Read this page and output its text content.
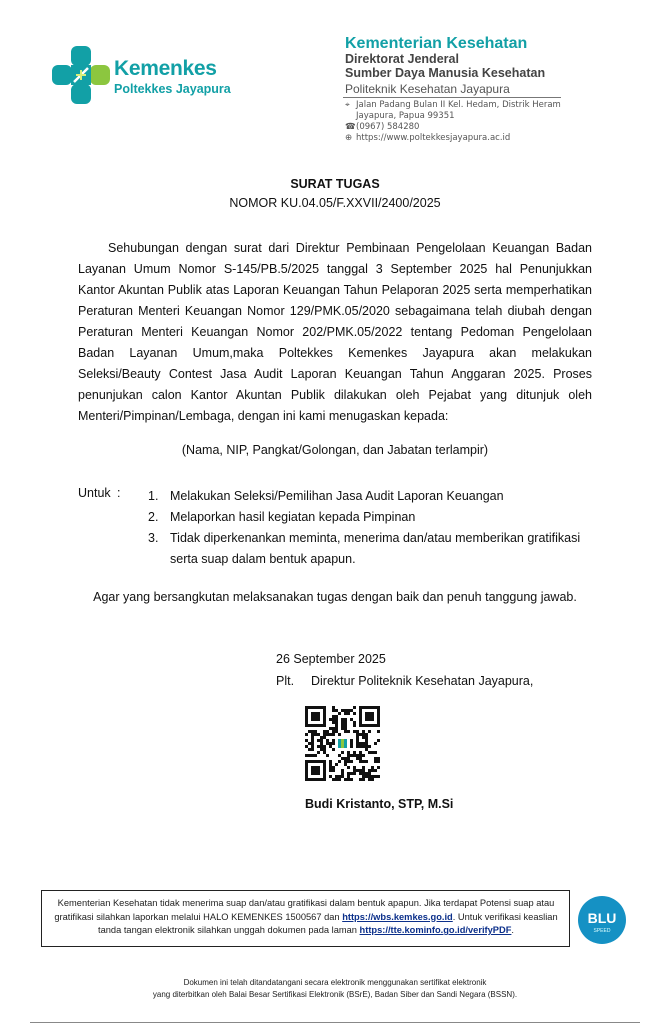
Kemenkes
Poltekkes Jayapura
Kementerian Kesehatan
Direktorat Jenderal
Sumber Daya Manusia Kesehatan
Politeknik Kesehatan Jayapura
⌖ Jalan Padang Bulan II Kel. Hedam, Distrik Heram
Jayapura, Papua 99351
☎(0967) 584280
⊕ https://www.poltekkesjayapura.ac.id
SURAT TUGAS
NOMOR KU.04.05/F.XXVII/2400/2025
Sehubungan dengan surat dari Direktur Pembinaan Pengelolaan Keuangan Badan Layanan Umum Nomor S-145/PB.5/2025 tanggal 3 September 2025 hal Penunjukkan Kantor Akuntan Publik atas Laporan Keuangan Tahun Pelaporan 2025 serta memperhatikan Peraturan Menteri Keuangan Nomor 129/PMK.05/2020 sebagaimana telah diubah dengan Peraturan Menteri Keuangan Nomor 202/PMK.05/2022 tentang Pedoman Pengelolaan Badan Layanan Umum,maka Poltekkes Kemenkes Jayapura akan melakukan Seleksi/Beauty Contest Jasa Audit Laporan Keuangan Tahun Anggaran 2025. Proses penunjukan calon Kantor Akuntan Publik dilakukan oleh Pejabat yang ditunjuk oleh Menteri/Pimpinan/Lembaga, dengan ini kami menugaskan kepada:
(Nama, NIP, Pangkat/Golongan, dan Jabatan terlampir)
Untuk : 1. Melakukan Seleksi/Pemilihan Jasa Audit Laporan Keuangan
2. Melaporkan hasil kegiatan kepada Pimpinan
3. Tidak diperkenankan meminta, menerima dan/atau memberikan gratifikasi serta suap dalam bentuk apapun.
Agar yang bersangkutan melaksanakan tugas dengan baik dan penuh tanggung jawab.
26 September 2025
Plt. Direktur Politeknik Kesehatan Jayapura,
Budi Kristanto, STP, M.Si
Kementerian Kesehatan tidak menerima suap dan/atau gratifikasi dalam bentuk apapun. Jika terdapat Potensi suap atau gratifikasi silahkan laporkan melalui HALO KEMENKES 1500567 dan https://wbs.kemkes.go.id. Untuk verifikasi keaslian tanda tangan elektronik silahkan unggah dokumen pada laman https://tte.kominfo.go.id/verifyPDF.
BLU
SPEED
Dokumen ini telah ditandatangani secara elektronik menggunakan sertifikat elektronik
yang diterbitkan oleh Balai Besar Sertifikasi Elektronik (BSrE), Badan Siber dan Sandi Negara (BSSN).
